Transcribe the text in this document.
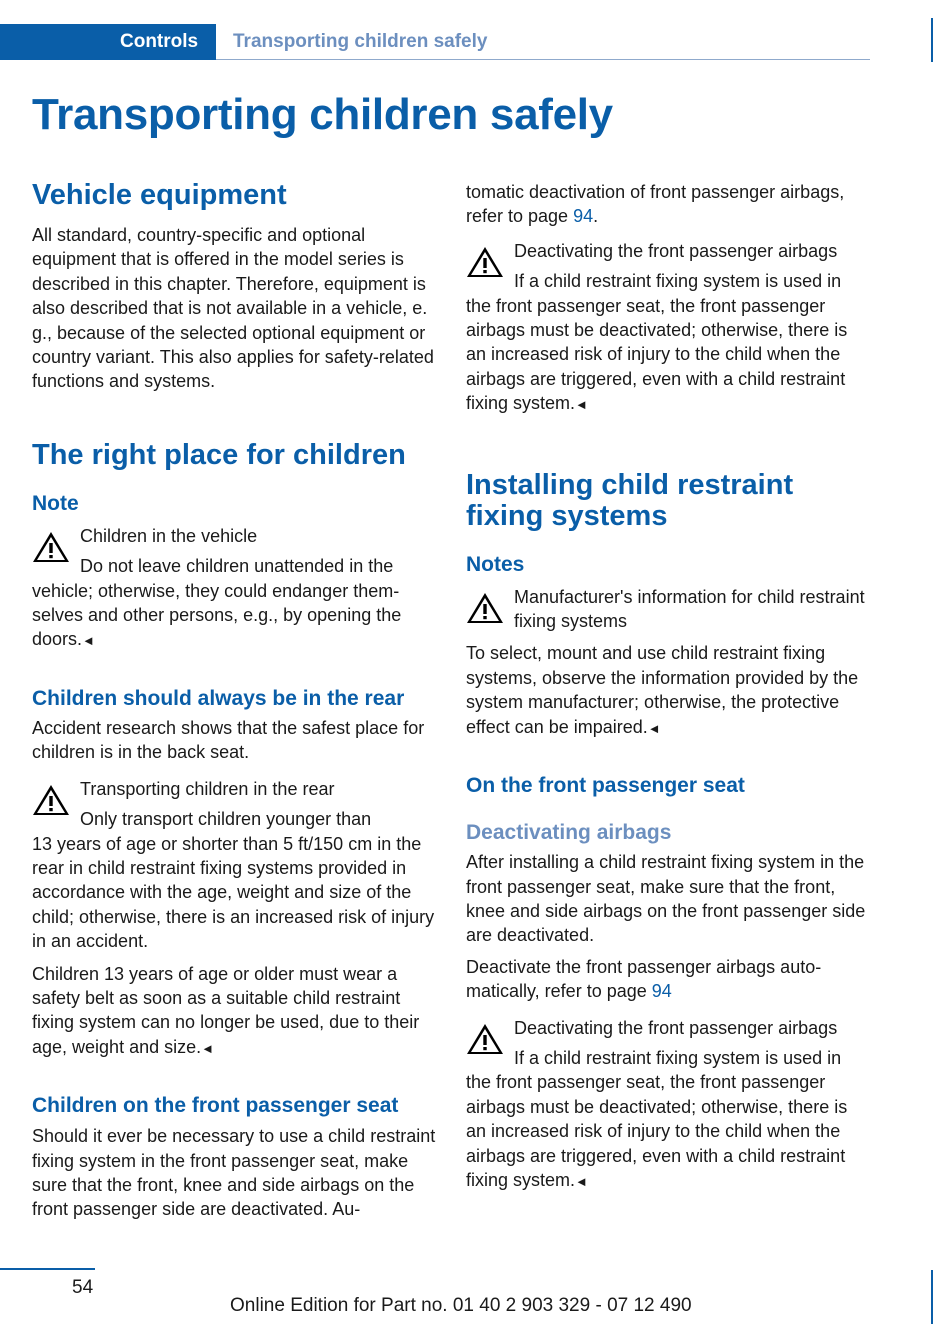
Controls	Transporting children safely
Transporting children safely
Vehicle equipment

All standard, country-specific and optional equipment that is offered in the model series is described in this chapter. Therefore, equipment is also described that is not available in a vehicle, e. g., because of the selected optional equipment or country variant. This also applies for safety-related functions and systems.

The right place for children
Note
Children in the vehicle
Do not leave children unattended in the
vehicle; otherwise, they could endanger themselves and other persons, e.g., by opening the doors.◄
Children should always be in the rear

Accident research shows that the safest place for children is in the back seat.

Transporting children in the rear
Only transport children younger than
13 years of age or shorter than 5 ft/150 cm in the rear in child restraint fixing systems provided in accordance with the age, weight and size of the child; otherwise, there is an increased risk of injury in an accident.

Children 13 years of age or older must wear a safety belt as soon as a suitable child restraint fixing system can no longer be used, due to their age, weight and size.◄

Children on the front passenger seat

Should it ever be necessary to use a child restraint fixing system in the front passenger seat, make sure that the front, knee and side airbags on the front passenger side are deactivated. Au-

tomatic deactivation of front passenger airbags, refer to page 94.

Deactivating the front passenger airbags
If a child restraint fixing system is used in
the front passenger seat, the front passenger airbags must be deactivated; otherwise, there is an increased risk of injury to the child when the airbags are triggered, even with a child restraint fixing system.◄
Installing child restraint fixing systems
Notes
Manufacturer's information for child restraint fixing systems

To select, mount and use child restraint fixing systems, observe the information provided by the system manufacturer; otherwise, the protective effect can be impaired.◄

On the front passenger seat
Deactivating airbags

After installing a child restraint fixing system in the front passenger seat, make sure that the front, knee and side airbags on the front passenger side are deactivated.

Deactivate the front passenger airbags automatically, refer to page 94

Deactivating the front passenger airbags
If a child restraint fixing system is used in
the front passenger seat, the front passenger airbags must be deactivated; otherwise, there is an increased risk of injury to the child when the airbags are triggered, even with a child restraint fixing system.◄
54
Online Edition for Part no. 01 40 2 903 329 - 07 12 490
